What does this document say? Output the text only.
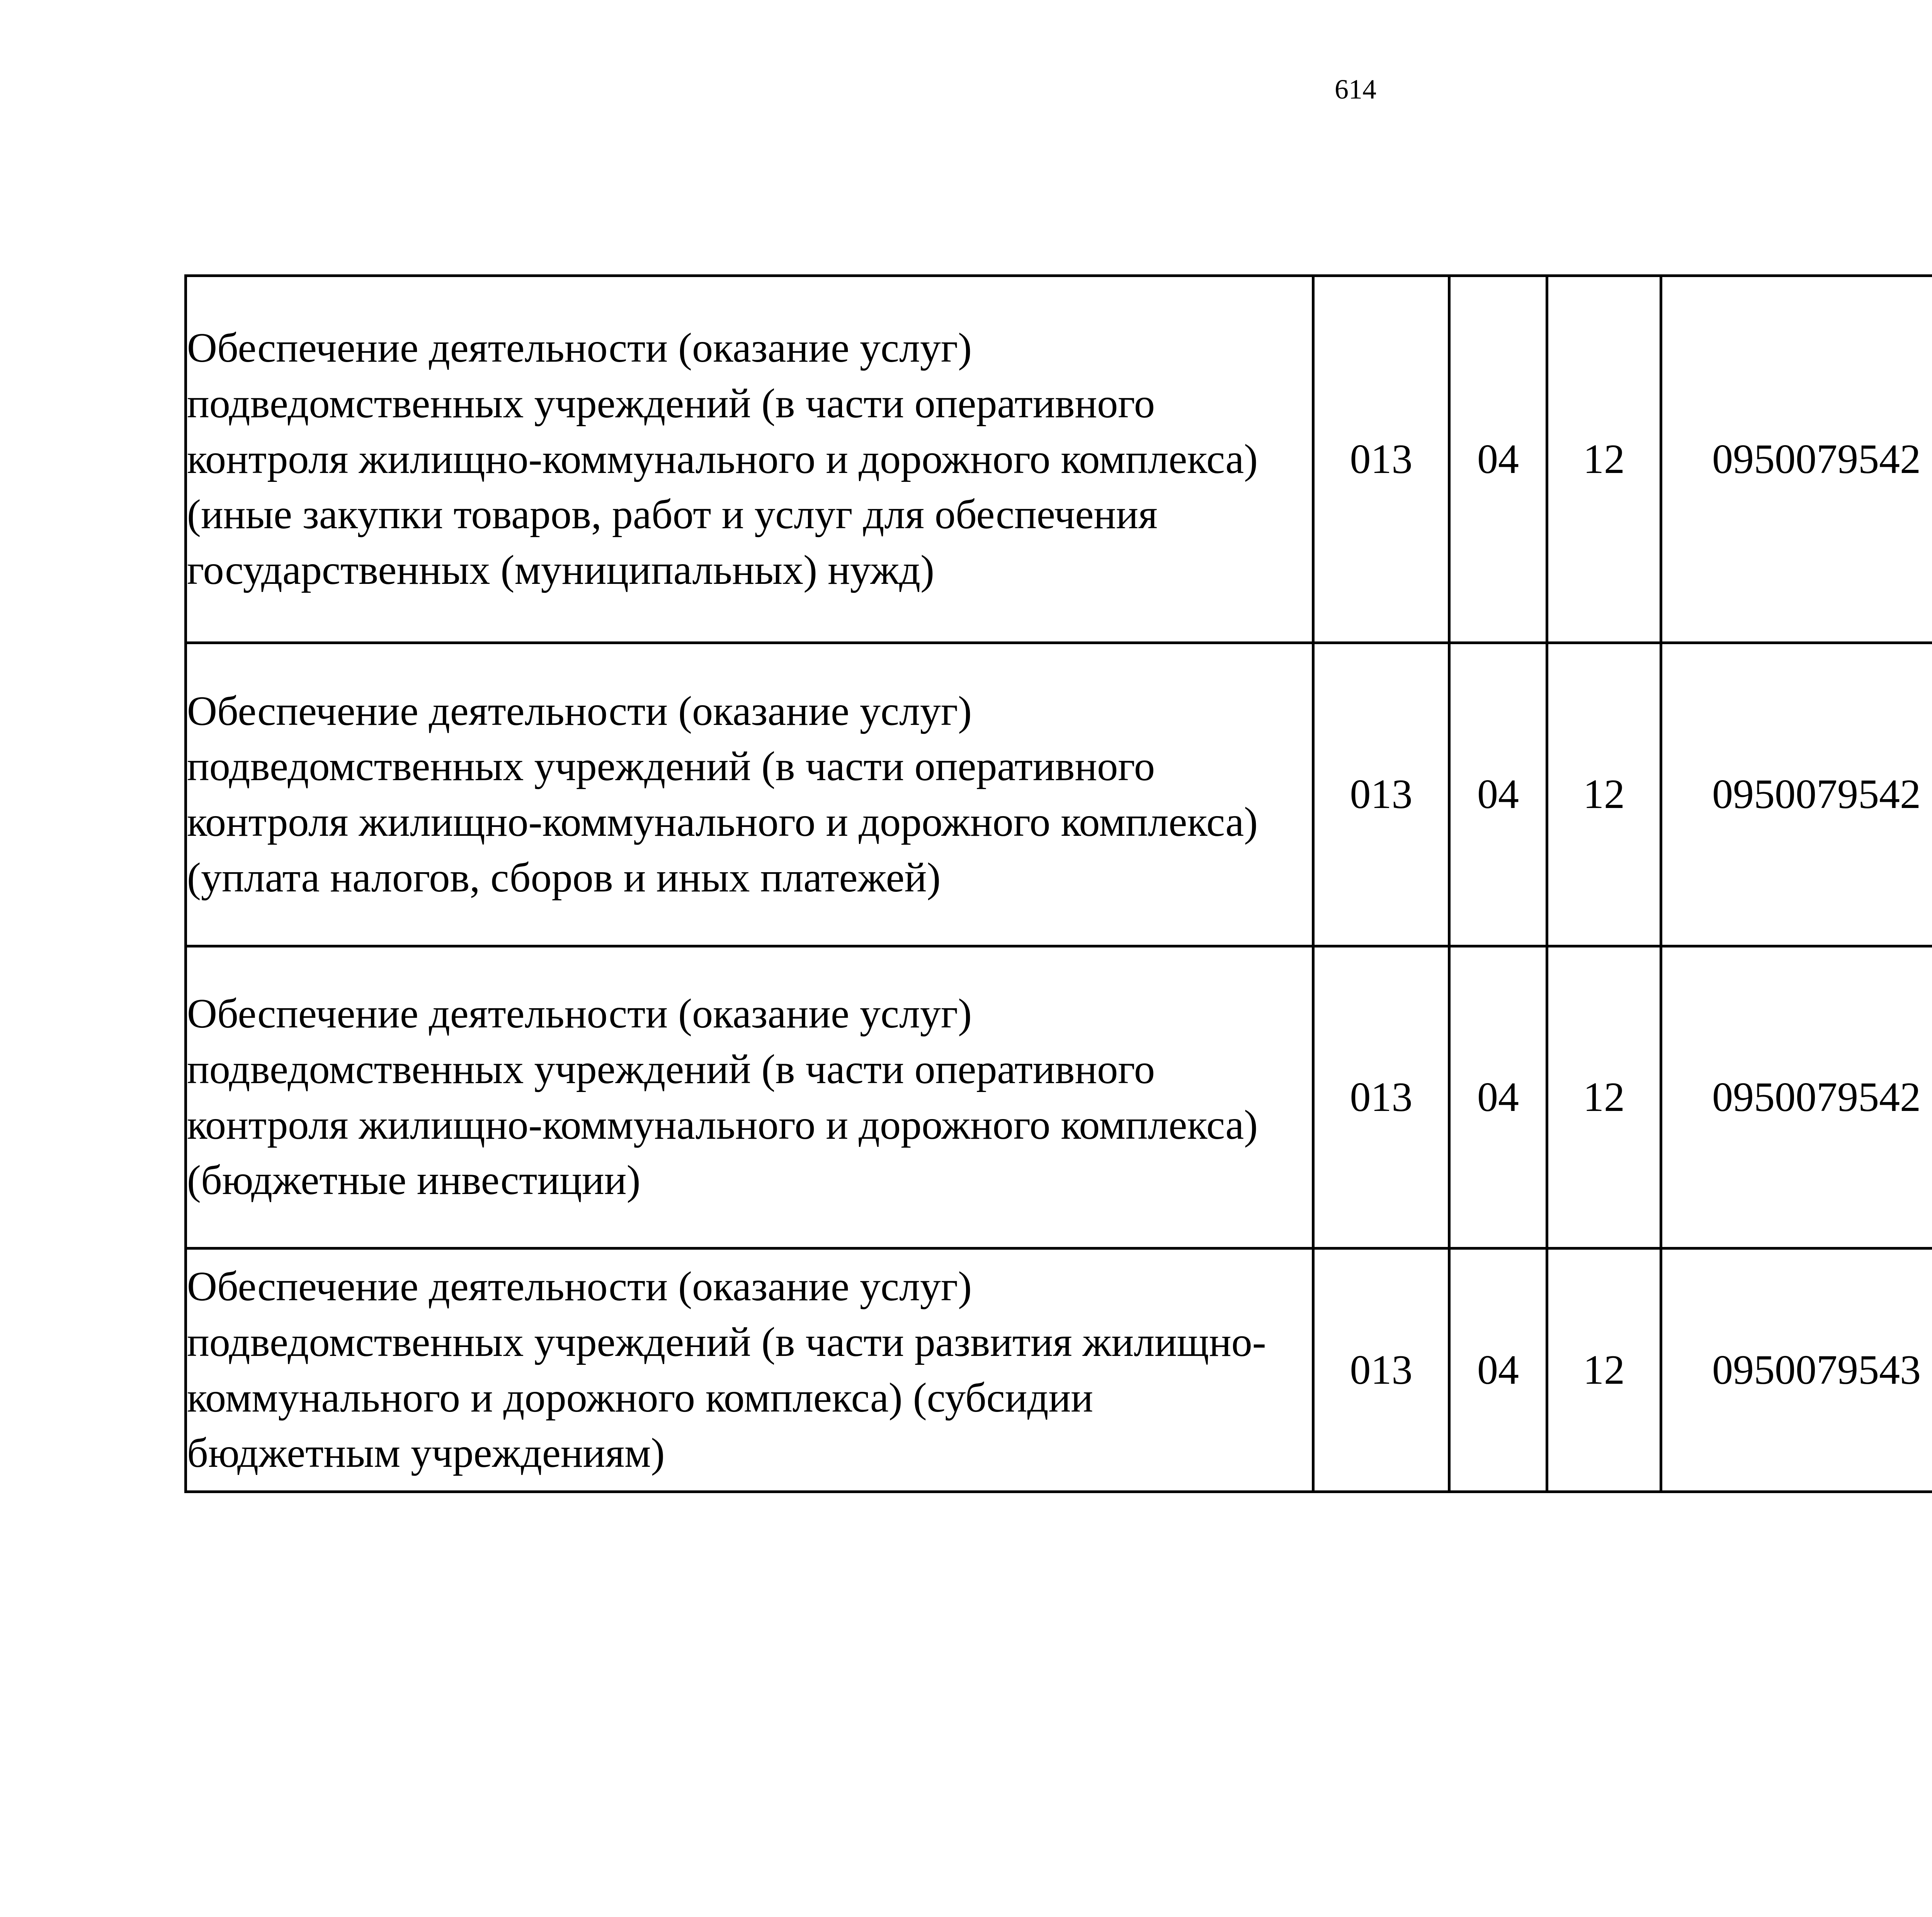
614
Обеспечение деятельности (оказание услуг) подведомственных учреждений (в части оперативного контроля жилищно-коммунального и дорожного комплекса) (иные закупки товаров, работ и услуг для обеспечения государственных (муниципальных) нужд)	013	04	12	0950079542		
Обеспечение деятельности (оказание услуг) подведомственных учреждений (в части оперативного контроля жилищно-коммунального и дорожного комплекса) (уплата налогов, сборов и иных платежей)	013	04	12	0950079542		
Обеспечение деятельности (оказание услуг) подведомственных учреждений (в части оперативного контроля жилищно-коммунального и дорожного комплекса) (бюджетные инвестиции)	013	04	12	0950079542		
Обеспечение деятельности (оказание услуг) подведомственных учреждений (в части развития жилищно-коммунального и дорожного комплекса) (субсидии бюджетным учреждениям)	013	04	12	0950079543		
